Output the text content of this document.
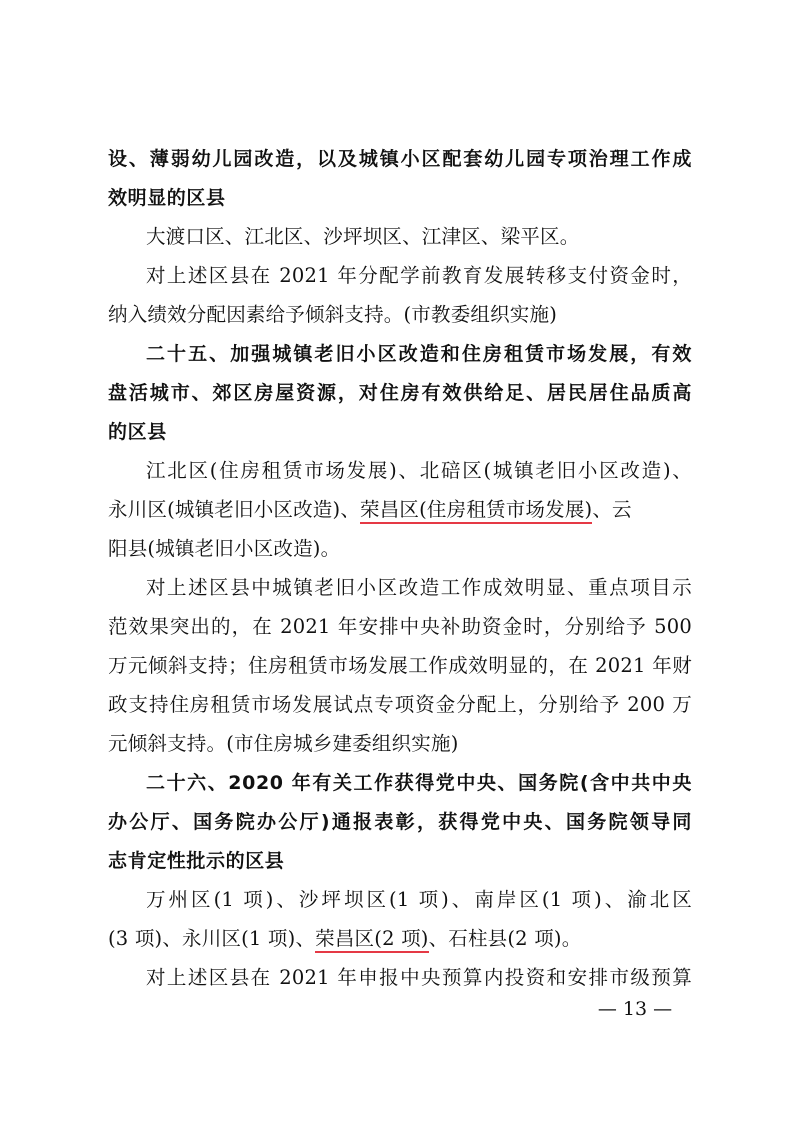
设、薄弱幼儿园改造，以及城镇小区配套幼儿园专项治理工作成
效明显的区县
大渡口区、江北区、沙坪坝区、江津区、梁平区。
对上述区县在 2021 年分配学前教育发展转移支付资金时，
纳入绩效分配因素给予倾斜支持。(市教委组织实施)
二十五、加强城镇老旧小区改造和住房租赁市场发展，有效
盘活城市、郊区房屋资源，对住房有效供给足、居民居住品质高
的区县
江北区(住房租赁市场发展)、北碚区(城镇老旧小区改造)、
永川区(城镇老旧小区改造)、荣昌区(住房租赁市场发展)、云
阳县(城镇老旧小区改造)。
对上述区县中城镇老旧小区改造工作成效明显、重点项目示
范效果突出的，在 2021 年安排中央补助资金时，分别给予 500
万元倾斜支持；住房租赁市场发展工作成效明显的，在 2021 年财
政支持住房租赁市场发展试点专项资金分配上，分别给予 200 万
元倾斜支持。(市住房城乡建委组织实施)
二十六、2020 年有关工作获得党中央、国务院(含中共中央
办公厅、国务院办公厅)通报表彰，获得党中央、国务院领导同
志肯定性批示的区县
万州区(1 项)、沙坪坝区(1 项)、南岸区(1 项)、渝北区
(3 项)、永川区(1 项)、荣昌区(2 项)、石柱县(2 项)。
对上述区县在 2021 年申报中央预算内投资和安排市级预算
— 13 —
